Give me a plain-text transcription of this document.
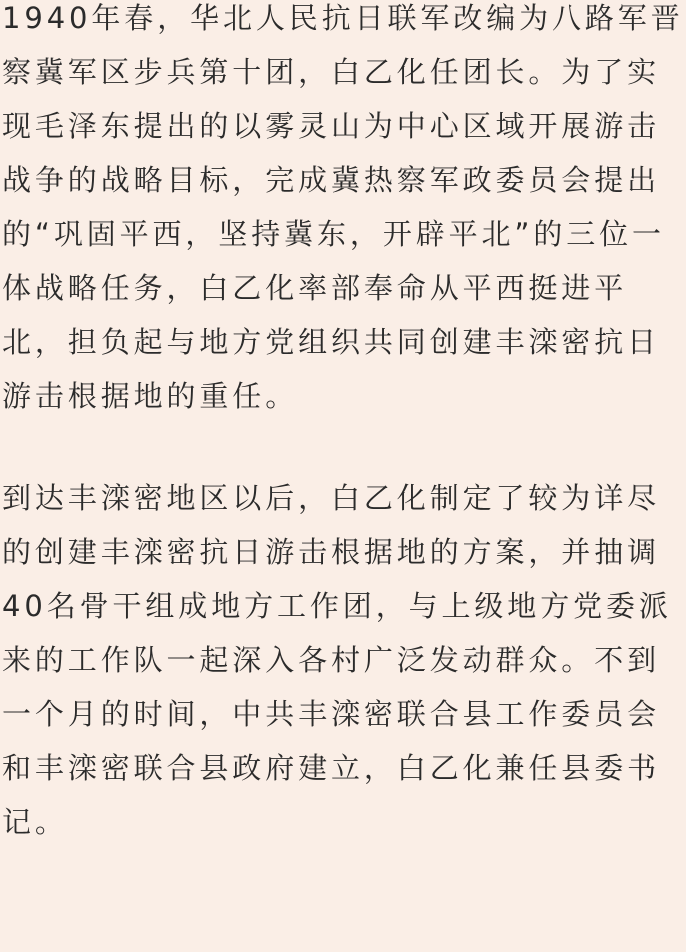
1940年春，华北人民抗日联军改编为八路军晋
察冀军区步兵第十团，白乙化任团长。为了实
现毛泽东提出的以雾灵山为中心区域开展游击
战争的战略目标，完成冀热察军政委员会提出
的“巩固平西，坚持冀东，开辟平北”的三位一
体战略任务，白乙化率部奉命从平西挺进平
北，担负起与地方党组织共同创建丰滦密抗日
游击根据地的重任。
到达丰滦密地区以后，白乙化制定了较为详尽
的创建丰滦密抗日游击根据地的方案，并抽调
40名骨干组成地方工作团，与上级地方党委派
来的工作队一起深入各村广泛发动群众。不到
一个月的时间，中共丰滦密联合县工作委员会
和丰滦密联合县政府建立，白乙化兼任县委书
记。
